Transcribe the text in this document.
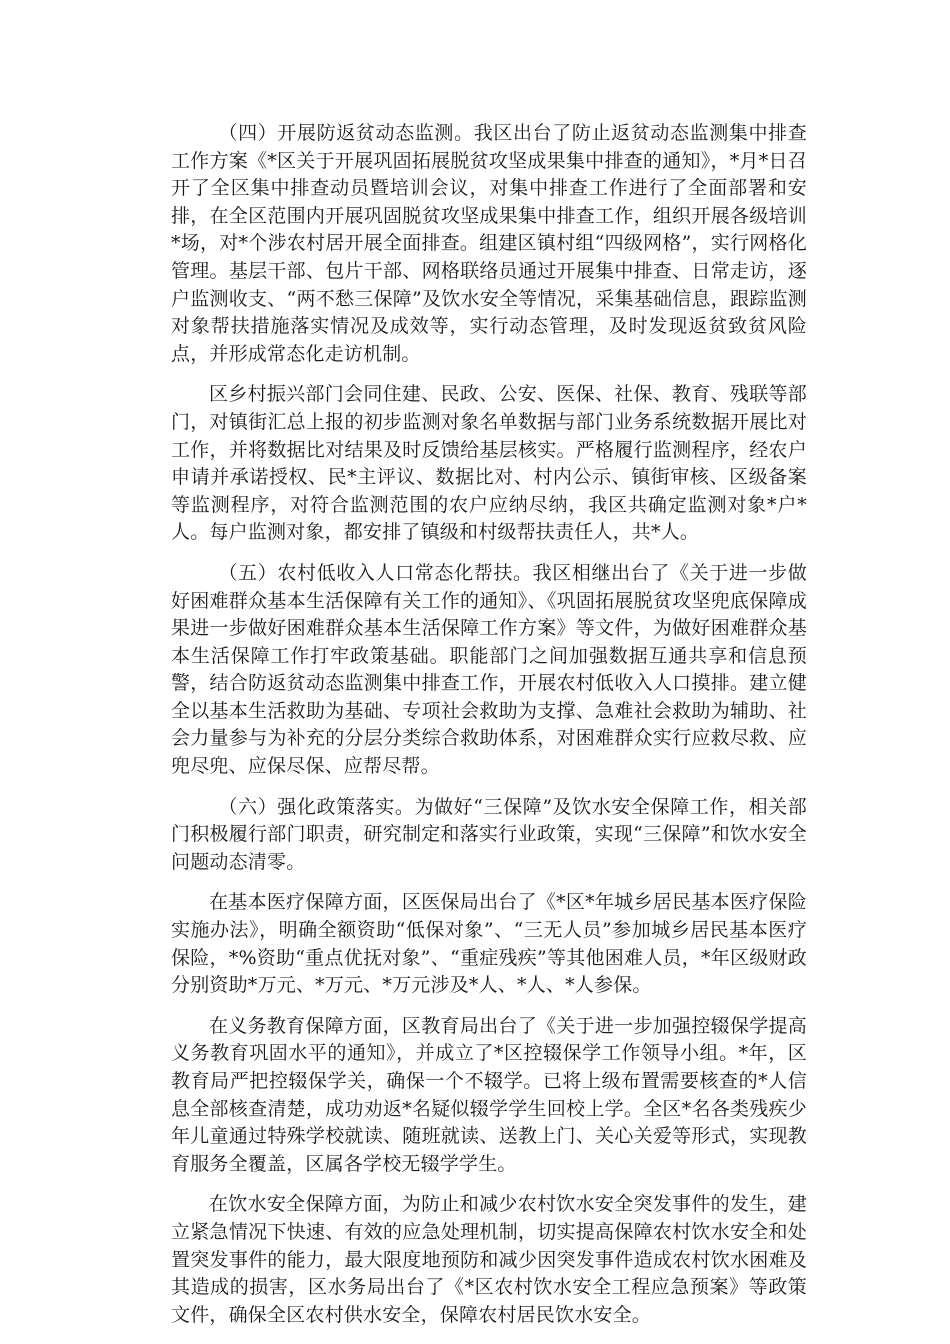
（四）开展防返贫动态监测。我区出台了防止返贫动态监测集中排查工作方案《*区关于开展巩固拓展脱贫攻坚成果集中排查的通知》，*月*日召开了全区集中排查动员暨培训会议，对集中排查工作进行了全面部署和安排，在全区范围内开展巩固脱贫攻坚成果集中排查工作，组织开展各级培训*场，对*个涉农村居开展全面排查。组建区镇村组“四级网格”，实行网格化管理。基层干部、包片干部、网格联络员通过开展集中排查、日常走访，逐户监测收支、“两不愁三保障”及饮水安全等情况，采集基础信息，跟踪监测对象帮扶措施落实情况及成效等，实行动态管理，及时发现返贫致贫风险点，并形成常态化走访机制。

区乡村振兴部门会同住建、民政、公安、医保、社保、教育、残联等部门，对镇街汇总上报的初步监测对象名单数据与部门业务系统数据开展比对工作，并将数据比对结果及时反馈给基层核实。严格履行监测程序，经农户申请并承诺授权、民*主评议、数据比对、村内公示、镇街审核、区级备案等监测程序，对符合监测范围的农户应纳尽纳，我区共确定监测对象*户*人。每户监测对象，都安排了镇级和村级帮扶责任人，共*人。

（五）农村低收入人口常态化帮扶。我区相继出台了《关于进一步做好困难群众基本生活保障有关工作的通知》、《巩固拓展脱贫攻坚兜底保障成果进一步做好困难群众基本生活保障工作方案》等文件，为做好困难群众基本生活保障工作打牢政策基础。职能部门之间加强数据互通共享和信息预警，结合防返贫动态监测集中排查工作，开展农村低收入人口摸排。建立健全以基本生活救助为基础、专项社会救助为支撑、急难社会救助为辅助、社会力量参与为补充的分层分类综合救助体系，对困难群众实行应救尽救、应兜尽兜、应保尽保、应帮尽帮。

（六）强化政策落实。为做好“三保障”及饮水安全保障工作，相关部门积极履行部门职责，研究制定和落实行业政策，实现“三保障”和饮水安全问题动态清零。

在基本医疗保障方面，区医保局出台了《*区*年城乡居民基本医疗保险实施办法》，明确全额资助“低保对象”、“三无人员”参加城乡居民基本医疗保险，*%资助“重点优抚对象”、“重症残疾”等其他困难人员，*年区级财政分别资助*万元、*万元、*万元涉及*人、*人、*人参保。

在义务教育保障方面，区教育局出台了《关于进一步加强控辍保学提高义务教育巩固水平的通知》，并成立了*区控辍保学工作领导小组。*年，区教育局严把控辍保学关，确保一个不辍学。已将上级布置需要核查的*人信息全部核查清楚，成功劝返*名疑似辍学学生回校上学。全区*名各类残疾少年儿童通过特殊学校就读、随班就读、送教上门、关心关爱等形式，实现教育服务全覆盖，区属各学校无辍学学生。

在饮水安全保障方面，为防止和减少农村饮水安全突发事件的发生，建立紧急情况下快速、有效的应急处理机制，切实提高保障农村饮水安全和处置突发事件的能力，最大限度地预防和减少因突发事件造成农村饮水困难及其造成的损害，区水务局出台了《*区农村饮水安全工程应急预案》等政策文件，确保全区农村供水安全，保障农村居民饮水安全。
